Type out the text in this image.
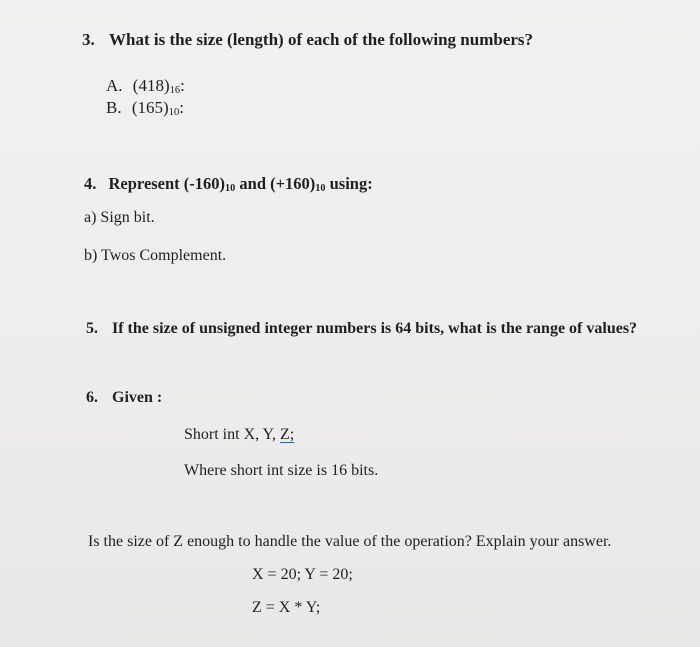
3. What is the size (length) of each of the following numbers?
A. $(418)_{16}$:
B. $(165)_{10}$:
4. Represent $(-160)_{10}$ and $(+160)_{10}$ using:
a) Sign bit.
b) Twos Complement.
5. If the size of unsigned integer numbers is 64 bits, what is the range of values?
6. Given :
Short int X, Y, Z;
Where short int size is 16 bits.
Is the size of Z enough to handle the value of the operation? Explain your answer.
X = 20; Y = 20;
Z = X * Y;
